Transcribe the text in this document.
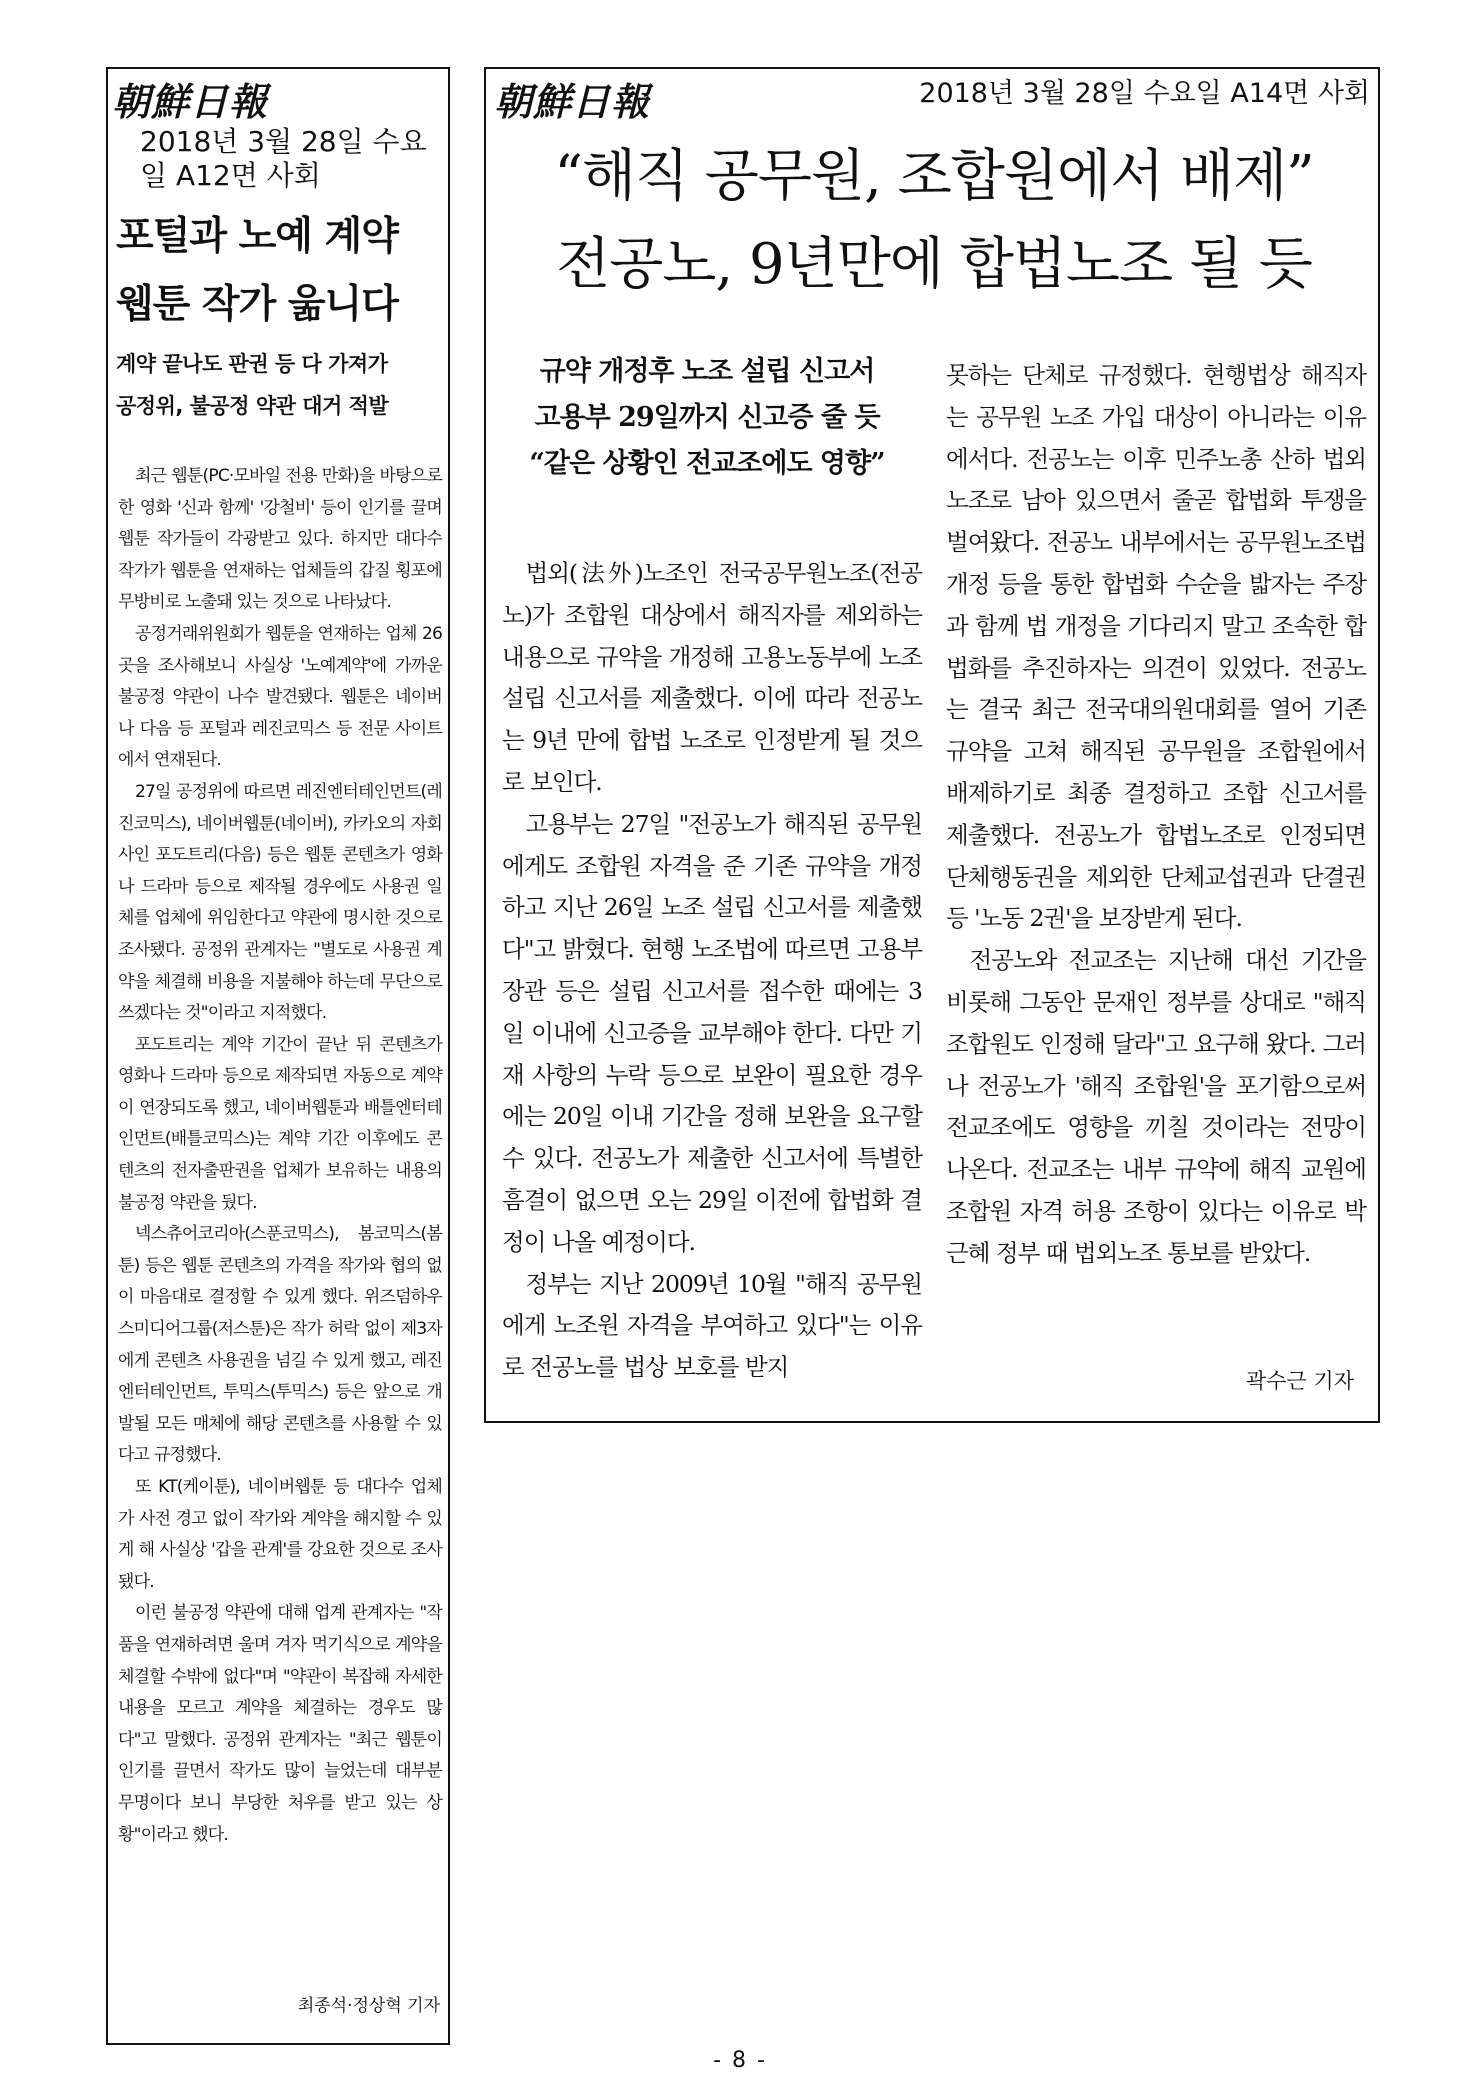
朝鮮日報
2018년 3월 28일 수요일 A12면 사회
포털과 노예 계약
웹툰 작가 욺니다
계약 끝나도 판권 등 다 가져가
공정위, 불공정 약관 대거 적발

최근 웹툰(PC·모바일 전용 만화)을 바탕으로 한 영화 '신과 함께' '강철비' 등이 인기를 끌며 웹툰 작가들이 각광받고 있다. 하지만 대다수 작가가 웹툰을 연재하는 업체들의 갑질 횡포에 무방비로 노출돼 있는 것으로 나타났다.

공정거래위원회가 웹툰을 연재하는 업체 26곳을 조사해보니 사실상 '노예계약'에 가까운 불공정 약관이 나수 발견됐다. 웹툰은 네이버나 다음 등 포털과 레진코믹스 등 전문 사이트에서 연재된다.

27일 공정위에 따르면 레진엔터테인먼트(레진코믹스), 네이버웹툰(네이버), 카카오의 자회사인 포도트리(다음) 등은 웹툰 콘텐츠가 영화나 드라마 등으로 제작될 경우에도 사용권 일체를 업체에 위임한다고 약관에 명시한 것으로 조사됐다. 공정위 관계자는 "별도로 사용권 계약을 체결해 비용을 지불해야 하는데 무단으로 쓰겠다는 것"이라고 지적했다.

포도트리는 계약 기간이 끝난 뒤 콘텐츠가 영화나 드라마 등으로 제작되면 자동으로 계약이 연장되도록 했고, 네이버웹툰과 배틀엔터테인먼트(배틀코믹스)는 계약 기간 이후에도 콘텐츠의 전자출판권을 업체가 보유하는 내용의 불공정 약관을 뒀다.

넥스츄어코리아(스푼코믹스), 봄코믹스(봄툰) 등은 웹툰 콘텐츠의 가격을 작가와 협의 없이 마음대로 결정할 수 있게 했다. 위즈덤하우스미디어그룹(저스툰)은 작가 허락 없이 제3자에게 콘텐츠 사용권을 넘길 수 있게 했고, 레진엔터테인먼트, 투믹스(투믹스) 등은 앞으로 개발될 모든 매체에 해당 콘텐츠를 사용할 수 있다고 규정했다.

또 KT(케이툰), 네이버웹툰 등 대다수 업체가 사전 경고 없이 작가와 계약을 해지할 수 있게 해 사실상 '갑을 관계'를 강요한 것으로 조사됐다.

이런 불공정 약관에 대해 업계 관계자는 "작품을 연재하려면 울며 겨자 먹기식으로 계약을 체결할 수밖에 없다"며 "약관이 복잡해 자세한 내용을 모르고 계약을 체결하는 경우도 많다"고 말했다. 공정위 관계자는 "최근 웹툰이 인기를 끌면서 작가도 많이 늘었는데 대부분 무명이다 보니 부당한 처우를 받고 있는 상황"이라고 했다.

최종석·정상혁 기자
朝鮮日報	2018년 3월 28일 수요일 A14면 사회
“해직 공무원, 조합원에서 배제”
전공노, 9년만에 합법노조 될 듯
규약 개정후 노조 설립 신고서
고용부 29일까지 신고증 줄 듯
“같은 상황인 전교조에도 영향”

법외(法外)노조인 전국공무원노조(전공노)가 조합원 대상에서 해직자를 제외하는 내용으로 규약을 개정해 고용노동부에 노조 설립 신고서를 제출했다. 이에 따라 전공노는 9년 만에 합법 노조로 인정받게 될 것으로 보인다.

고용부는 27일 "전공노가 해직된 공무원에게도 조합원 자격을 준 기존 규약을 개정하고 지난 26일 노조 설립 신고서를 제출했다"고 밝혔다. 현행 노조법에 따르면 고용부 장관 등은 설립 신고서를 접수한 때에는 3일 이내에 신고증을 교부해야 한다. 다만 기재 사항의 누락 등으로 보완이 필요한 경우에는 20일 이내 기간을 정해 보완을 요구할 수 있다. 전공노가 제출한 신고서에 특별한 흠결이 없으면 오는 29일 이전에 합법화 결정이 나올 예정이다.

정부는 지난 2009년 10월 "해직 공무원에게 노조원 자격을 부여하고 있다"는 이유로 전공노를 법상 보호를 받지

못하는 단체로 규정했다. 현행법상 해직자는 공무원 노조 가입 대상이 아니라는 이유에서다. 전공노는 이후 민주노총 산하 법외노조로 남아 있으면서 줄곧 합법화 투쟁을 벌여왔다. 전공노 내부에서는 공무원노조법 개정 등을 통한 합법화 수순을 밟자는 주장과 함께 법 개정을 기다리지 말고 조속한 합법화를 추진하자는 의견이 있었다. 전공노는 결국 최근 전국대의원대회를 열어 기존 규약을 고쳐 해직된 공무원을 조합원에서 배제하기로 최종 결정하고 조합 신고서를 제출했다. 전공노가 합법노조로 인정되면 단체행동권을 제외한 단체교섭권과 단결권 등 '노동 2권'을 보장받게 된다.

전공노와 전교조는 지난해 대선 기간을 비롯해 그동안 문재인 정부를 상대로 "해직 조합원도 인정해 달라"고 요구해 왔다. 그러나 전공노가 '해직 조합원'을 포기함으로써 전교조에도 영향을 끼칠 것이라는 전망이 나온다. 전교조는 내부 규약에 해직 교원에 조합원 자격 허용 조항이 있다는 이유로 박근혜 정부 때 법외노조 통보를 받았다.

곽수근 기자
- 8 -
